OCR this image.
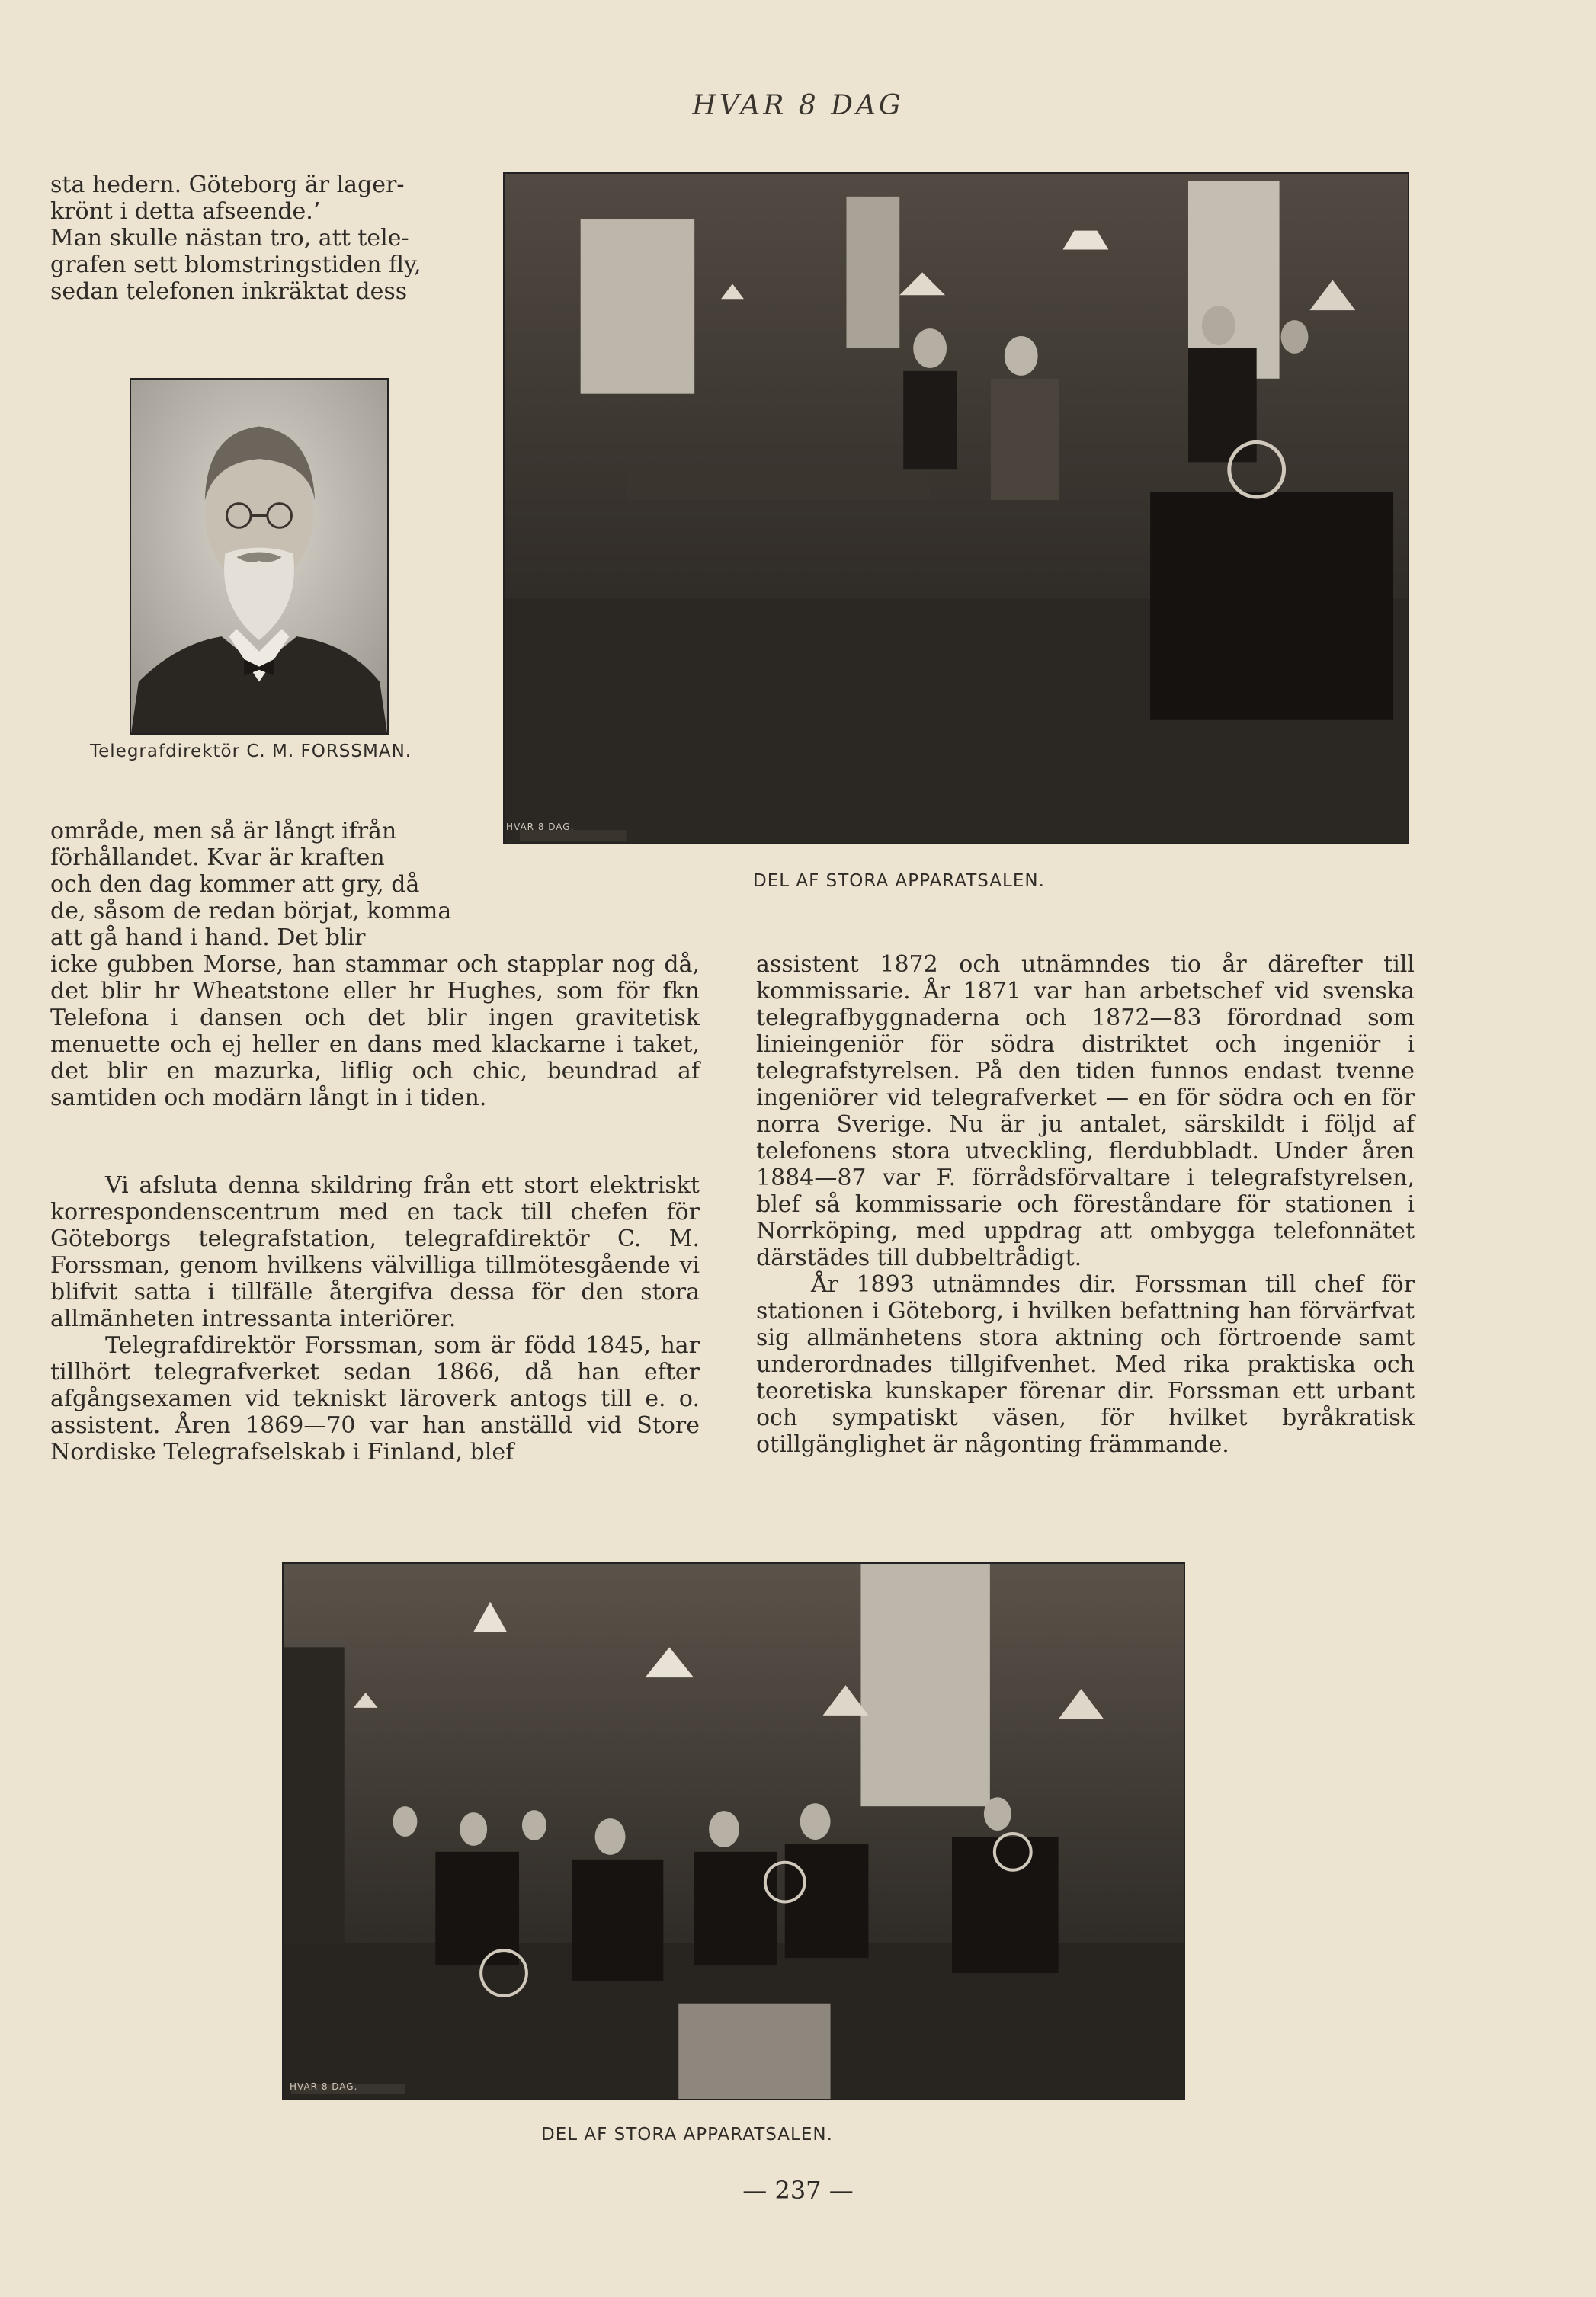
HVAR 8 DAG
sta hedern. Göteborg är lager-
krönt i detta afseende.’
Man skulle nästan tro, att tele-
grafen sett blomstringstiden fly,
sedan telefonen inkräktat dess
Telegrafdirektör C. M. FORSSMAN.
HVAR 8 DAG.
DEL AF STORA APPARATSALEN.
område, men så är långt ifrån
förhållandet. Kvar är kraften
och den dag kommer att gry, då
de, såsom de redan börjat, komma
att gå hand i hand. Det blir

icke gubben Morse, han stammar och stapplar nog då, det blir hr Wheatstone eller hr Hughes, som för fkn Telefona i dansen och det blir ingen gravitetisk menuette och ej heller en dans med klackarne i taket, det blir en mazurka, liflig och chic, beundrad af samtiden och modärn långt in i tiden.

Vi afsluta denna skildring från ett stort elektriskt korrespondenscentrum med en tack till chefen för Göteborgs telegrafstation, telegrafdirektör C. M. Forssman, genom hvilkens välvilliga tillmötesgående vi blifvit satta i tillfälle återgifva dessa för den stora allmänheten intressanta interiörer.

Telegrafdirektör Forssman, som är född 1845, har tillhört telegrafverket sedan 1866, då han efter afgångsexamen vid tekniskt läroverk antogs till e. o. assistent. Åren 1869—70 var han anställd vid Store Nordiske Telegrafselskab i Finland, blef

assistent 1872 och utnämndes tio år därefter till kommissarie. År 1871 var han arbetschef vid svenska telegrafbyggnaderna och 1872—83 förordnad som linieingeniör för södra distriktet och ingeniör i telegrafstyrelsen. På den tiden funnos endast tvenne ingeniörer vid telegrafverket — en för södra och en för norra Sverige. Nu är ju antalet, särskildt i följd af telefonens stora utveckling, flerdubbladt. Under åren 1884—87 var F. förrådsförvaltare i telegrafstyrelsen, blef så kommissarie och föreståndare för stationen i Norrköping, med uppdrag att ombygga telefonnätet därstädes till dubbeltrådigt.

År 1893 utnämndes dir. Forssman till chef för stationen i Göteborg, i hvilken befattning han förvärfvat sig allmänhetens stora aktning och förtroende samt underordnades tillgifvenhet. Med rika praktiska och teoretiska kunskaper förenar dir. Forssman ett urbant och sympatiskt väsen, för hvilket byråkratisk otillgänglighet är någonting främmande.

HVAR 8 DAG.
DEL AF STORA APPARATSALEN.
— 237 —
